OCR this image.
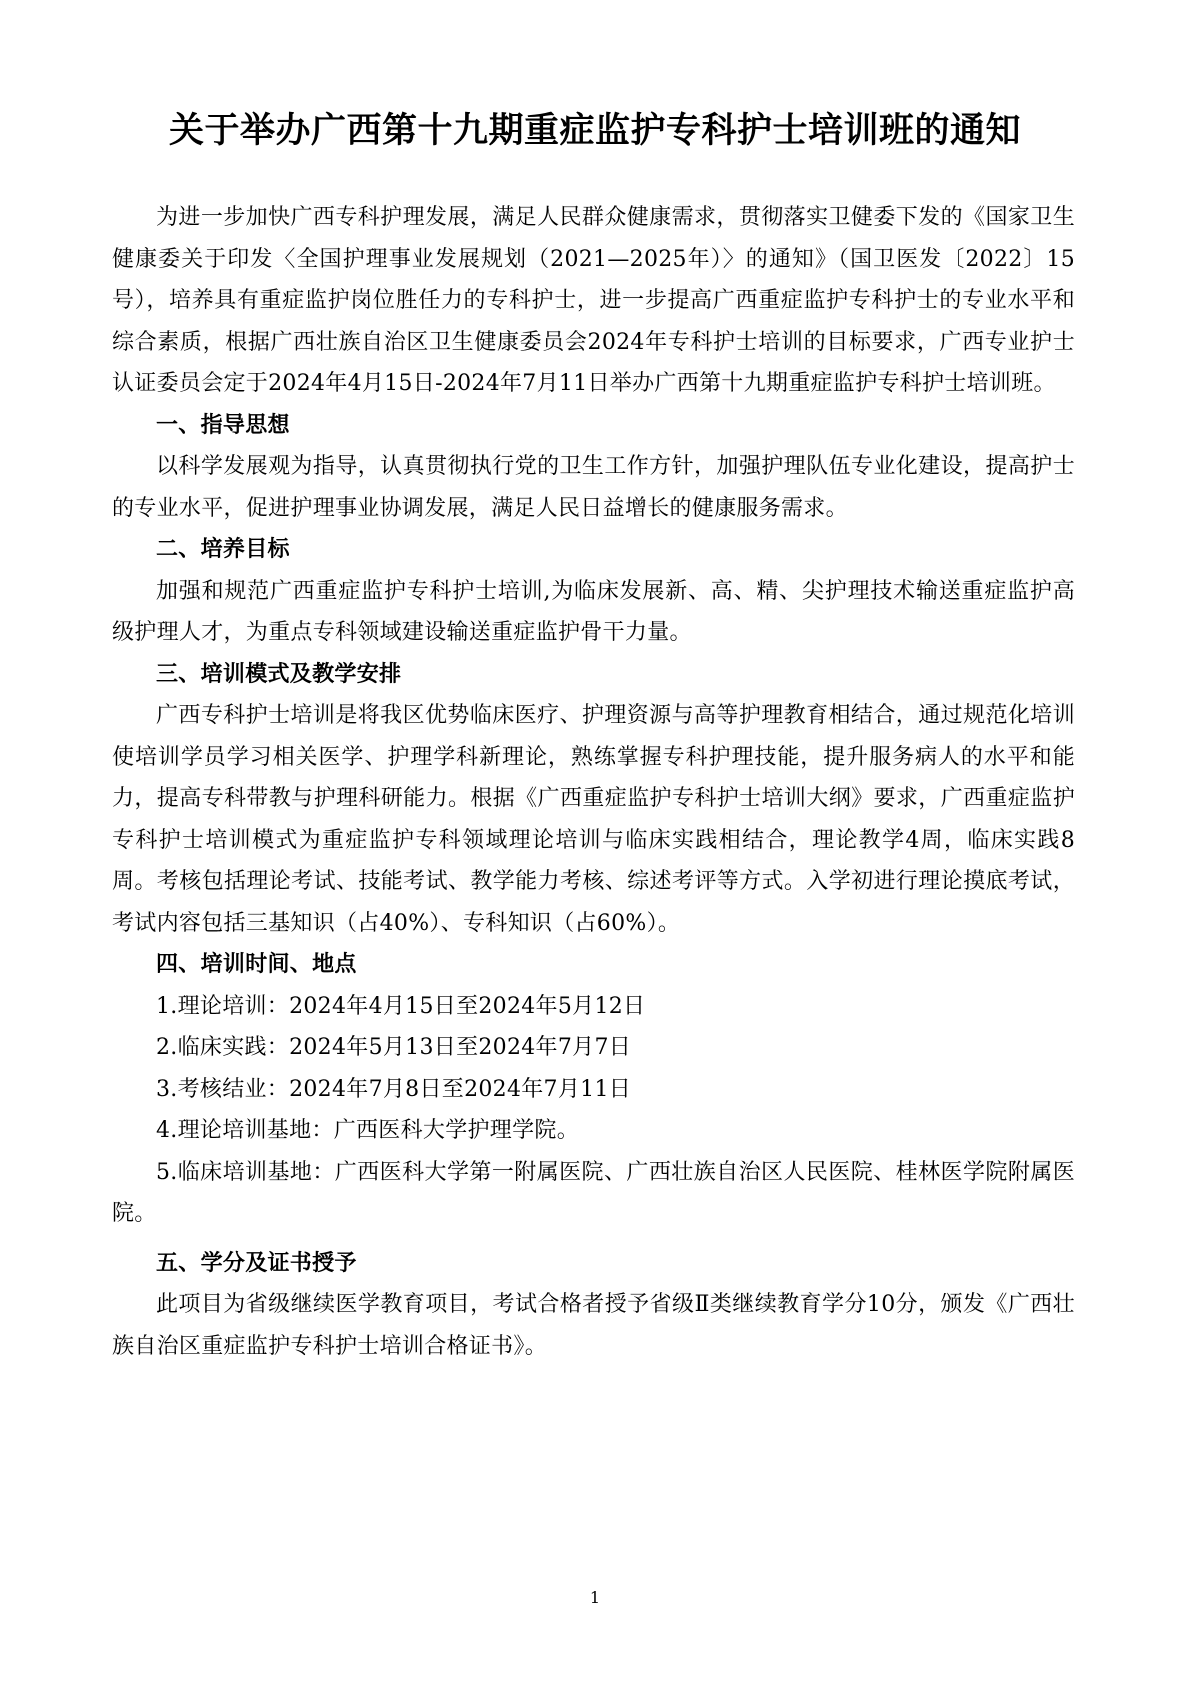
关于举办广西第十九期重症监护专科护士培训班的通知

为进一步加快广西专科护理发展，满足人民群众健康需求，贯彻落实卫健委下发的《国家卫生健康委关于印发〈全国护理事业发展规划（2021—2025年）〉的通知》（国卫医发〔2022〕15号），培养具有重症监护岗位胜任力的专科护士，进一步提高广西重症监护专科护士的专业水平和综合素质，根据广西壮族自治区卫生健康委员会2024年专科护士培训的目标要求，广西专业护士认证委员会定于2024年4月15日-2024年7月11日举办广西第十九期重症监护专科护士培训班。

一、指导思想

以科学发展观为指导，认真贯彻执行党的卫生工作方针，加强护理队伍专业化建设，提高护士的专业水平，促进护理事业协调发展，满足人民日益增长的健康服务需求。

二、培养目标

加强和规范广西重症监护专科护士培训,为临床发展新、高、精、尖护理技术输送重症监护高级护理人才，为重点专科领域建设输送重症监护骨干力量。

三、培训模式及教学安排

广西专科护士培训是将我区优势临床医疗、护理资源与高等护理教育相结合，通过规范化培训使培训学员学习相关医学、护理学科新理论，熟练掌握专科护理技能，提升服务病人的水平和能力，提高专科带教与护理科研能力。根据《广西重症监护专科护士培训大纲》要求，广西重症监护专科护士培训模式为重症监护专科领域理论培训与临床实践相结合，理论教学4周，临床实践8周。考核包括理论考试、技能考试、教学能力考核、综述考评等方式。入学初进行理论摸底考试，考试内容包括三基知识（占40%）、专科知识（占60%）。

四、培训时间、地点

1.理论培训：2024年4月15日至2024年5月12日

2.临床实践：2024年5月13日至2024年7月7日

3.考核结业：2024年7月8日至2024年7月11日

4.理论培训基地：广西医科大学护理学院。

5.临床培训基地：广西医科大学第一附属医院、广西壮族自治区人民医院、桂林医学院附属医院。

五、学分及证书授予

此项目为省级继续医学教育项目，考试合格者授予省级Ⅱ类继续教育学分10分，颁发《广西壮族自治区重症监护专科护士培训合格证书》。

1
